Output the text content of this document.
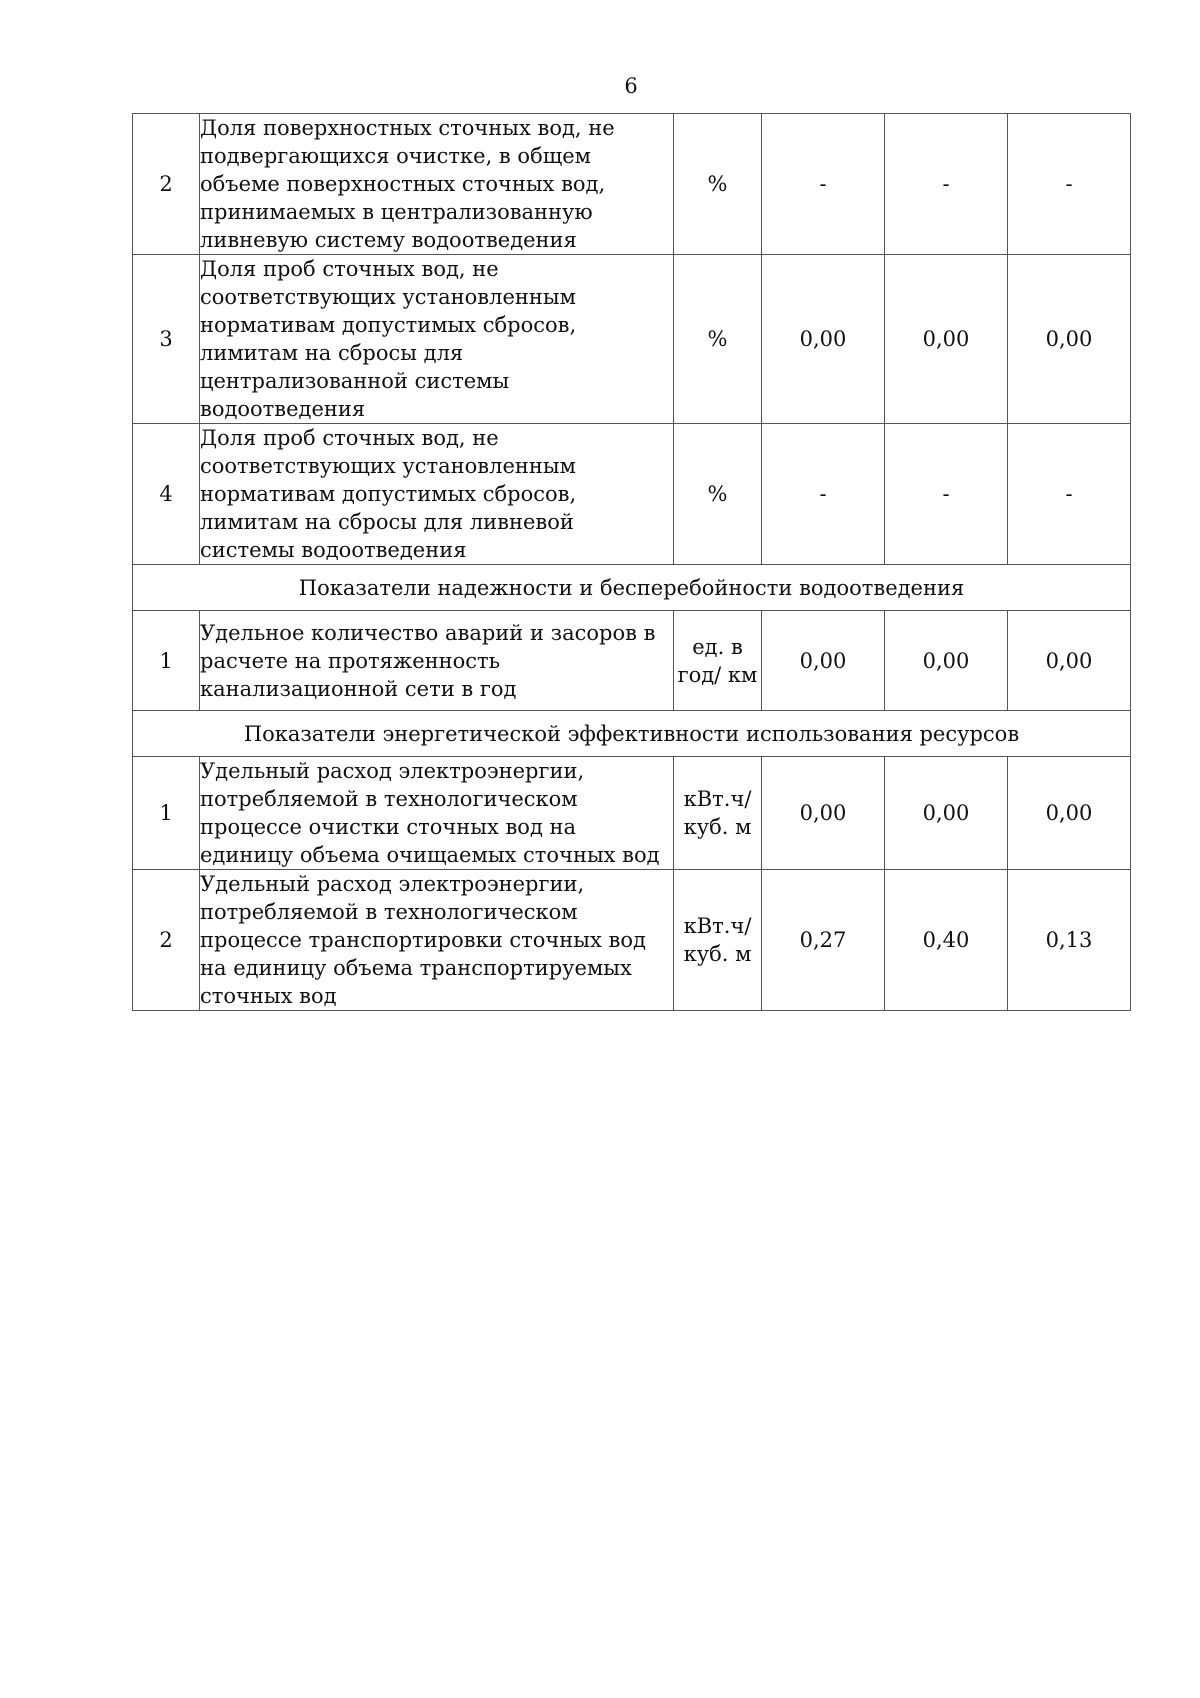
6
2	Доля поверхностных сточных вод, не подвергающихся очистке, в общем объеме поверхностных сточных вод, принимаемых в централизованную ливневую систему водоотведения	%	-	-	-
3	Доля проб сточных вод, не соответствующих установленным нормативам допустимых сбросов, лимитам на сбросы для централизованной системы водоотведения	%	0,00	0,00	0,00
4	Доля проб сточных вод, не соответствующих установленным нормативам допустимых сбросов, лимитам на сбросы для ливневой системы водоотведения	%	-	-	-
Показатели надежности и бесперебойности водоотведения					
1	Удельное количество аварий и засоров в расчете на протяженность канализационной сети в год	ед. в год/ км	0,00	0,00	0,00
Показатели энергетической эффективности использования ресурсов					
1	Удельный расход электроэнергии, потребляемой в технологическом процессе очистки сточных вод на единицу объема очищаемых сточных вод	кВт.ч/ куб. м	0,00	0,00	0,00
2	Удельный расход электроэнергии, потребляемой в технологическом процессе транспортировки сточных вод на единицу объема транспортируемых сточных вод	кВт.ч/ куб. м	0,27	0,40	0,13
